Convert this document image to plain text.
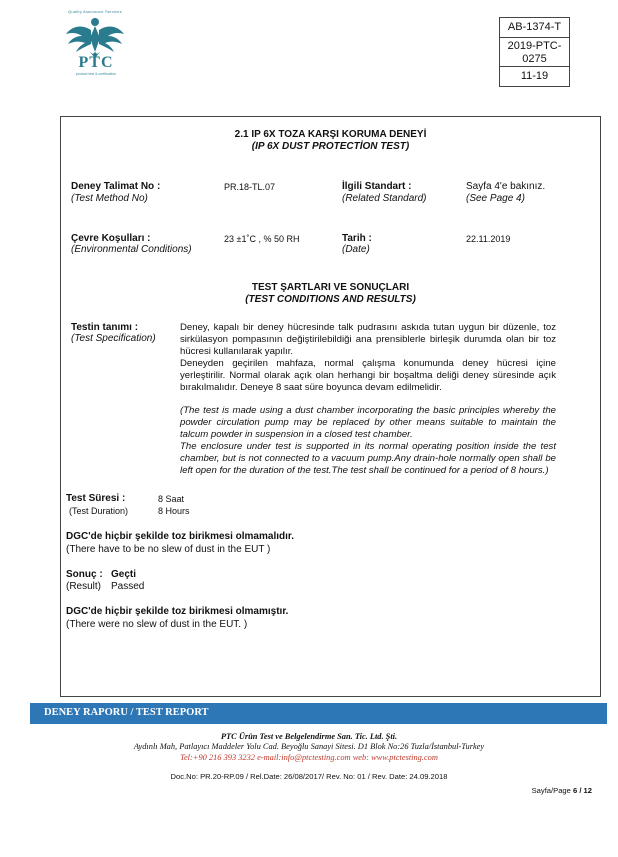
Quality Assurance Services
PTC
product test & certification
AB-1374-T
2019-PTC-0275
11-19
2.1 IP 6X TOZA KARŞI KORUMA DENEYİ
(IP 6X DUST PROTECTİON TEST)
Deney Talimat No :
(Test Method No)
PR.18-TL.07	İlgili Standart :
(Related Standard)
Sayfa 4'e bakınız.
(See Page 4)
Çevre Koşulları :
(Environmental Conditions)
23 ±1˚C , % 50 RH	Tarih :
(Date)
22.11.2019
TEST ŞARTLARI VE SONUÇLARI
(TEST CONDITIONS AND RESULTS)
Testin tanımı :
(Test Specification)
Deney, kapalı bir deney hücresinde talk pudrasını askıda tutan uygun bir düzenle, toz sirkülasyon pompasının değiştirilebildiği ana prensiblerle birleşik durumda olan bir toz hücresi kullanılarak yapılır.
Deneyden geçirilen mahfaza, normal çalışma konumunda deney hücresi içine yerleştirilir. Normal olarak açık olan herhangi bir boşaltma deliği deney süresinde açık bırakılmalıdır. Deneye 8 saat süre boyunca devam edilmelidir.
(The test is made using a dust chamber incorporating the basic principles whereby the powder circulation pump may be replaced by other means suitable to maintain the talcum powder in suspension in a closed test chamber.
The enclosure under test is supported in its normal operating position inside the test chamber, but is not connected to a vacuum pump.Any drain-hole normally open shall be left open for the duration of the test.The test shall be continued for a period of 8 hours.)
Test Süresi :
(Test Duration)
8 Saat
8 Hours
DGC'de hiçbir şekilde toz birikmesi olmamalıdır.
(There have to be no slew of dust in the EUT )
Sonuç : Geçti
(Result) Passed
DGC'de hiçbir şekilde toz birikmesi olmamıştır.
(There were no slew of dust in the EUT. )
DENEY RAPORU / TEST REPORT
PTC Ürün Test ve Belgelendirme San. Tic. Ltd. Şti.
Aydınlı Mah, Patlayıcı Maddeler Yolu Cad. Beyoğlu Sanayi Sitesi. D1 Blok No:26 Tuzla/İstanbul-Turkey
Tel:+90 216 393 3232 e-mail:info@ptctesting.com web: www.ptctesting.com
Doc.No: PR.20-RP.09 / Rel.Date: 26/08/2017/ Rev. No: 01 / Rev. Date: 24.09.2018
Sayfa/Page 6 / 12
